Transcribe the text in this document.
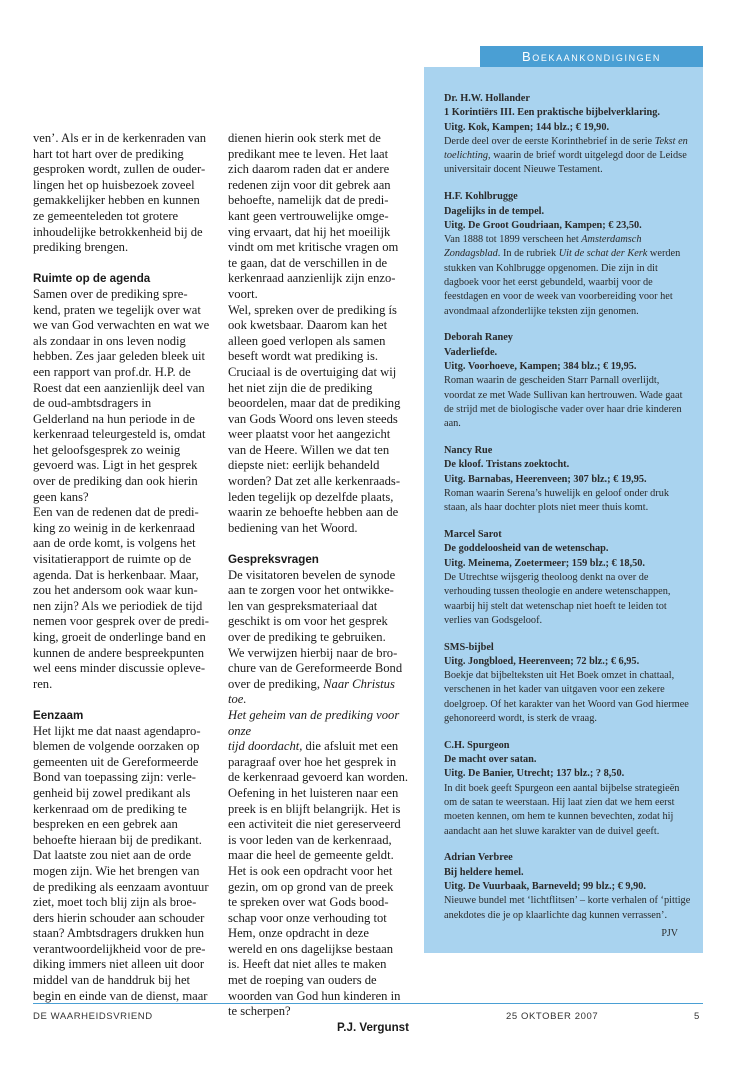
ven’. Als er in de kerkenraden van
hart tot hart over de prediking
gesproken wordt, zullen de ouder-
lingen het op huisbezoek zoveel
gemakkelijker hebben en kunnen
ze gemeenteleden tot grotere
inhoudelijke betrokkenheid bij de
prediking brengen.

Ruimte op de agenda

Samen over de prediking spre-
kend, praten we tegelijk over wat
we van God verwachten en wat we
als zondaar in ons leven nodig
hebben. Zes jaar geleden bleek uit
een rapport van prof.dr. H.P. de
Roest dat een aanzienlijk deel van
de oud-ambtsdragers in
Gelderland na hun periode in de
kerkenraad teleurgesteld is, omdat
het geloofsgesprek zo weinig
gevoerd was. Ligt in het gesprek
over de prediking dan ook hierin
geen kans?

Een van de redenen dat de predi-
king zo weinig in de kerkenraad
aan de orde komt, is volgens het
visitatierapport de ruimte op de
agenda. Dat is herkenbaar. Maar,
zou het andersom ook waar kun-
nen zijn? Als we periodiek de tijd
nemen voor gesprek over de predi-
king, groeit de onderlinge band en
kunnen de andere bespreekpunten
wel eens minder discussie opleve-
ren.

Eenzaam

Het lijkt me dat naast agendapro-
blemen de volgende oorzaken op
gemeenten uit de Gereformeerde
Bond van toepassing zijn: verle-
genheid bij zowel predikant als
kerkenraad om de prediking te
bespreken en een gebrek aan
behoefte hieraan bij de predikant.
Dat laatste zou niet aan de orde
mogen zijn. Wie het brengen van
de prediking als eenzaam avontuur
ziet, moet toch blij zijn als broe-
ders hierin schouder aan schouder
staan? Ambtsdragers drukken hun
verantwoordelijkheid voor de pre-
diking immers niet alleen uit door
middel van de handdruk bij het
begin en einde van de dienst, maar

dienen hierin ook sterk met de
predikant mee te leven. Het laat
zich daarom raden dat er andere
redenen zijn voor dit gebrek aan
behoefte, namelijk dat de predi-
kant geen vertrouwelijke omge-
ving ervaart, dat hij het moeilijk
vindt om met kritische vragen om
te gaan, dat de verschillen in de
kerkenraad aanzienlijk zijn enzo-
voort.

Wel, spreken over de prediking ís
ook kwetsbaar. Daarom kan het
alleen goed verlopen als samen
beseft wordt wat prediking is.
Cruciaal is de overtuiging dat wij
het niet zijn die de prediking
beoordelen, maar dat de prediking
van Gods Woord ons leven steeds
weer plaatst voor het aangezicht
van de Heere. Willen we dat ten
diepste niet: eerlijk behandeld
worden? Dat zet alle kerkenraads-
leden tegelijk op dezelfde plaats,
waarin ze behoefte hebben aan de
bediening van het Woord.

Gespreksvragen

De visitatoren bevelen de synode
aan te zorgen voor het ontwikke-
len van gespreksmateriaal dat
geschikt is om voor het gesprek
over de prediking te gebruiken.
We verwijzen hierbij naar de bro-
chure van de Gereformeerde Bond
over de prediking, Naar Christus toe.
Het geheim van de prediking voor onze
tijd doordacht, die afsluit met een
paragraaf over hoe het gesprek in
de kerkenraad gevoerd kan worden.
Oefening in het luisteren naar een
preek is en blijft belangrijk. Het is
een activiteit die niet gereserveerd
is voor leden van de kerkenraad,
maar die heel de gemeente geldt.
Het is ook een opdracht voor het
gezin, om op grond van de preek
te spreken over wat Gods bood-
schap voor onze verhouding tot
Hem, onze opdracht in deze
wereld en ons dagelijkse bestaan
is. Heeft dat niet alles te maken
met de roeping van ouders de
woorden van God hun kinderen in
te scherpen?

P.J. Vergunst

Boekaankondigingen
Dr. H.W. Hollander
1 Korintiërs III. Een praktische bijbelverklaring.
Uitg. Kok, Kampen; 144 blz.; € 19,90.
Derde deel over de eerste Korinthebrief in de serie Tekst en toelichting, waarin de brief wordt uitgelegd door de Leidse universitair docent Nieuwe Testament.
H.F. Kohlbrugge
Dagelijks in de tempel.
Uitg. De Groot Goudriaan, Kampen; € 23,50.
Van 1888 tot 1899 verscheen het Amsterdamsch Zondagsblad. In de rubriek Uit de schat der Kerk werden stukken van Kohlbrugge opgenomen. Die zijn in dit dagboek voor het eerst gebundeld, waarbij voor de feestdagen en voor de week van voorbereiding voor het avondmaal afzonderlijke teksten zijn genomen.
Deborah Raney
Vaderliefde.
Uitg. Voorhoeve, Kampen; 384 blz.; € 19,95.
Roman waarin de gescheiden Starr Parnall overlijdt, voordat ze met Wade Sullivan kan hertrouwen. Wade gaat de strijd met de biologische vader over haar drie kinderen aan.
Nancy Rue
De kloof. Tristans zoektocht.
Uitg. Barnabas, Heerenveen; 307 blz.; € 19,95.
Roman waarin Serena’s huwelijk en geloof onder druk staan, als haar dochter plots niet meer thuis komt.
Marcel Sarot
De goddeloosheid van de wetenschap.
Uitg. Meinema, Zoetermeer; 159 blz.; € 18,50.
De Utrechtse wijsgerig theoloog denkt na over de verhouding tussen theologie en andere wetenschappen, waarbij hij stelt dat wetenschap niet hoeft te leiden tot verlies van Godsgeloof.
SMS-bijbel
Uitg. Jongbloed, Heerenveen; 72 blz.; € 6,95.
Boekje dat bijbelteksten uit Het Boek omzet in chattaal, verschenen in het kader van uitgaven voor een zekere doelgroep. Of het karakter van het Woord van God hiermee gehonoreerd wordt, is sterk de vraag.
C.H. Spurgeon
De macht over satan.
Uitg. De Banier, Utrecht; 137 blz.; ? 8,50.
In dit boek geeft Spurgeon een aantal bijbelse strategieën om de satan te weerstaan. Hij laat zien dat we hem eerst moeten kennen, om hem te kunnen bevechten, zodat hij aandacht aan het sluwe karakter van de duivel geeft.
Adrian Verbree
Bij heldere hemel.
Uitg. De Vuurbaak, Barneveld; 99 blz.; € 9,90.
Nieuwe bundel met ‘lichtflitsen’ – korte verhalen of ‘pittige anekdotes die je op klaarlichte dag kunnen verrassen’.
PJV
DE WAARHEIDSVRIEND	25 OKTOBER 2007	5
